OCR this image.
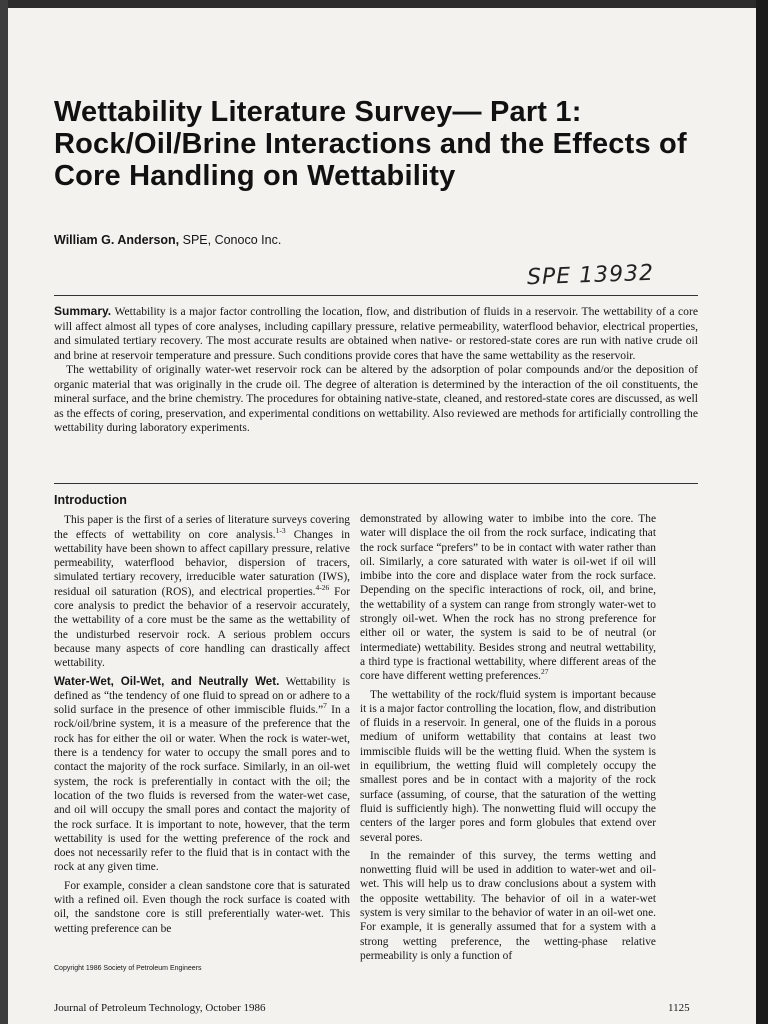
Wettability Literature Survey— Part 1: Rock/Oil/Brine Interactions and the Effects of Core Handling on Wettability
William G. Anderson, SPE, Conoco Inc.
SPE 13932

Summary. Wettability is a major factor controlling the location, flow, and distribution of fluids in a reservoir. The wettability of a core will affect almost all types of core analyses, including capillary pressure, relative permeability, waterflood behavior, electrical properties, and simulated tertiary recovery. The most accurate results are obtained when native- or restored-state cores are run with native crude oil and brine at reservoir temperature and pressure. Such conditions provide cores that have the same wettability as the reservoir.

The wettability of originally water-wet reservoir rock can be altered by the adsorption of polar compounds and/or the deposition of organic material that was originally in the crude oil. The degree of alteration is determined by the interaction of the oil constituents, the mineral surface, and the brine chemistry. The procedures for obtaining native-state, cleaned, and restored-state cores are discussed, as well as the effects of coring, preservation, and experimental conditions on wettability. Also reviewed are methods for artificially controlling the wettability during laboratory experiments.

Introduction

This paper is the first of a series of literature surveys covering the effects of wettability on core analysis.$^{1-3}$ Changes in wettability have been shown to affect capillary pressure, relative permeability, waterflood behavior, dispersion of tracers, simulated tertiary recovery, irreducible water saturation (IWS), residual oil saturation (ROS), and electrical properties.$^{4-26}$ For core analysis to predict the behavior of a reservoir accurately, the wettability of a core must be the same as the wettability of the undisturbed reservoir rock. A serious problem occurs because many aspects of core handling can drastically affect wettability.

Water-Wet, Oil-Wet, and Neutrally Wet. Wettability is defined as “the tendency of one fluid to spread on or adhere to a solid surface in the presence of other immiscible fluids.”$^7$ In a rock/oil/brine system, it is a measure of the preference that the rock has for either the oil or water. When the rock is water-wet, there is a tendency for water to occupy the small pores and to contact the majority of the rock surface. Similarly, in an oil-wet system, the rock is preferentially in contact with the oil; the location of the two fluids is reversed from the water-wet case, and oil will occupy the small pores and contact the majority of the rock surface. It is important to note, however, that the term wettability is used for the wetting preference of the rock and does not necessarily refer to the fluid that is in contact with the rock at any given time.

For example, consider a clean sandstone core that is saturated with a refined oil. Even though the rock surface is coated with oil, the sandstone core is still preferentially water-wet. This wetting preference can be

demonstrated by allowing water to imbibe into the core. The water will displace the oil from the rock surface, indicating that the rock surface “prefers” to be in contact with water rather than oil. Similarly, a core saturated with water is oil-wet if oil will imbibe into the core and displace water from the rock surface. Depending on the specific interactions of rock, oil, and brine, the wettability of a system can range from strongly water-wet to strongly oil-wet. When the rock has no strong preference for either oil or water, the system is said to be of neutral (or intermediate) wettability. Besides strong and neutral wettability, a third type is fractional wettability, where different areas of the core have different wetting preferences.$^{27}$

The wettability of the rock/fluid system is important because it is a major factor controlling the location, flow, and distribution of fluids in a reservoir. In general, one of the fluids in a porous medium of uniform wettability that contains at least two immiscible fluids will be the wetting fluid. When the system is in equilibrium, the wetting fluid will completely occupy the smallest pores and be in contact with a majority of the rock surface (assuming, of course, that the saturation of the wetting fluid is sufficiently high). The nonwetting fluid will occupy the centers of the larger pores and form globules that extend over several pores.

In the remainder of this survey, the terms wetting and nonwetting fluid will be used in addition to water-wet and oil-wet. This will help us to draw conclusions about a system with the opposite wettability. The behavior of oil in a water-wet system is very similar to the behavior of water in an oil-wet one. For example, it is generally assumed that for a system with a strong wetting preference, the wetting-phase relative permeability is only a function of

Copyright 1986 Society of Petroleum Engineers
Journal of Petroleum Technology, October 1986	1125
